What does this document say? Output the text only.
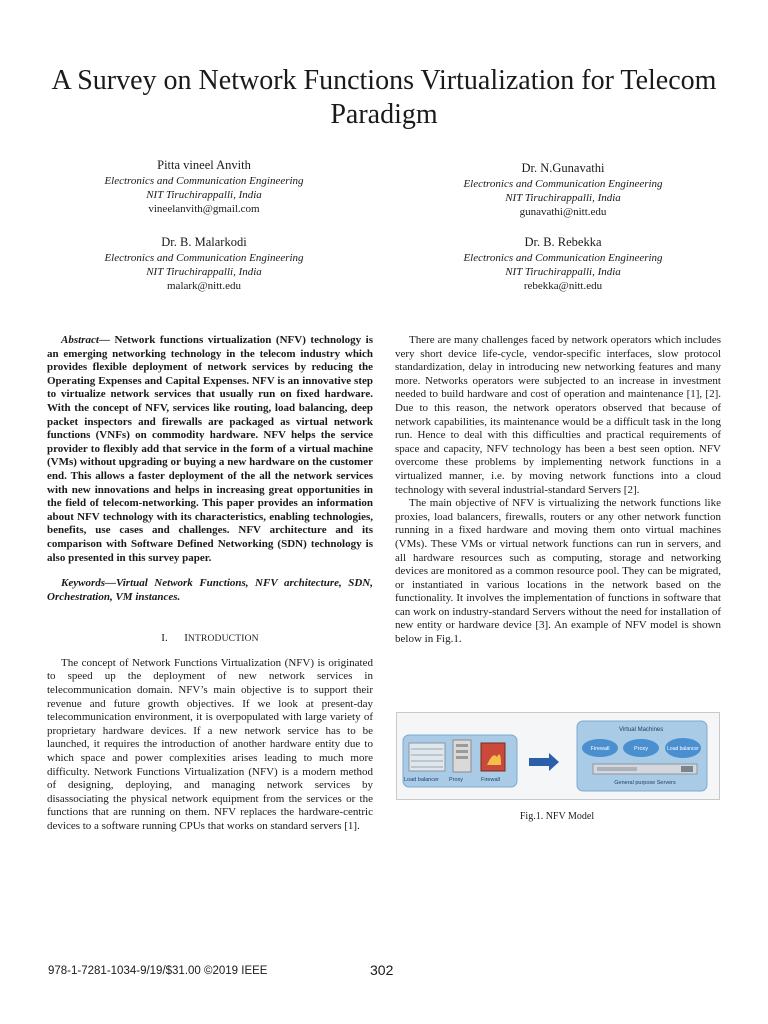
A Survey on Network Functions Virtualization for Telecom Paradigm
Pitta vineel Anvith
Electronics and Communication Engineering
NIT Tiruchirappalli, India
vineelanvith@gmail.com
Dr. N.Gunavathi
Electronics and Communication Engineering
NIT Tiruchirappalli, India
gunavathi@nitt.edu
Dr. B. Malarkodi
Electronics and Communication Engineering
NIT Tiruchirappalli, India
malark@nitt.edu
Dr. B. Rebekka
Electronics and Communication Engineering
NIT Tiruchirappalli, India
rebekka@nitt.edu

Abstract— Network functions virtualization (NFV) technology is an emerging networking technology in the telecom industry which provides flexible deployment of network services by reducing the Operating Expenses and Capital Expenses. NFV is an innovative step to virtualize network services that usually run on fixed hardware. With the concept of NFV, services like routing, load balancing, deep packet inspectors and firewalls are packaged as virtual network functions (VNFs) on commodity hardware. NFV helps the service provider to flexibly add that service in the form of a virtual machine (VMs) without upgrading or buying a new hardware on the customer end. This allows a faster deployment of the all the network services with new innovations and helps in increasing great opportunities in the field of telecom-networking. This paper provides an information about NFV technology with its characteristics, enabling technologies, benefits, use cases and challenges. NFV architecture and its comparison with Software Defined Networking (SDN) technology is also presented in this survey paper.

Keywords—Virtual Network Functions, NFV architecture, SDN, Orchestration, VM instances.

I. INTRODUCTION

The concept of Network Functions Virtualization (NFV) is originated to speed up the deployment of new network services in telecommunication domain. NFV’s main objective is to support their revenue and future growth objectives. If we look at present-day telecommunication environment, it is overpopulated with large variety of proprietary hardware devices. If a new network service has to be launched, it requires the introduction of another hardware entity due to which space and power complexities arises leading to much more difficulty. Network Functions Virtualization (NFV) is a modern method of designing, deploying, and managing network services by disassociating the physical network equipment from the services or the functions that are running on them. NFV replaces the hardware-centric devices to a software running CPUs that works on standard servers [1].

There are many challenges faced by network operators which includes very short device life-cycle, vendor-specific interfaces, slow protocol standardization, delay in introducing new networking features and many more. Networks operators were subjected to an increase in investment needed to build hardware and cost of operation and maintenance [1], [2]. Due to this reason, the network operators observed that because of network capabilities, its maintenance would be a difficult task in the long run. Hence to deal with this difficulties and practical requirements of space and capacity, NFV technology has been a best seen option. NFV overcome these problems by implementing network functions in a virtualized manner, i.e. by moving network functions into a cloud technology with several industrial-standard Servers [2].

The main objective of NFV is virtualizing the network functions like proxies, load balancers, firewalls, routers or any other network function running in a fixed hardware and moving them onto virtual machines (VMs). These VMs or virtual network functions can run in servers, and all hardware resources such as computing, storage and networking devices are monitored as a common resource pool. They can be migrated, or instantiated in various locations in the network based on the functionality. It involves the implementation of functions in software that can work on industry-standard Servers without the need for installation of new entity or hardware device [3]. An example of NFV model is shown below in Fig.1.

Load balancer Proxy	Firewall
Virtual Machines
Firewall	Proxy	Load balancer
General purpose Servers
Fig.1. NFV Model
978-1-7281-1034-9/19/$31.00 ©2019 IEEE	302
